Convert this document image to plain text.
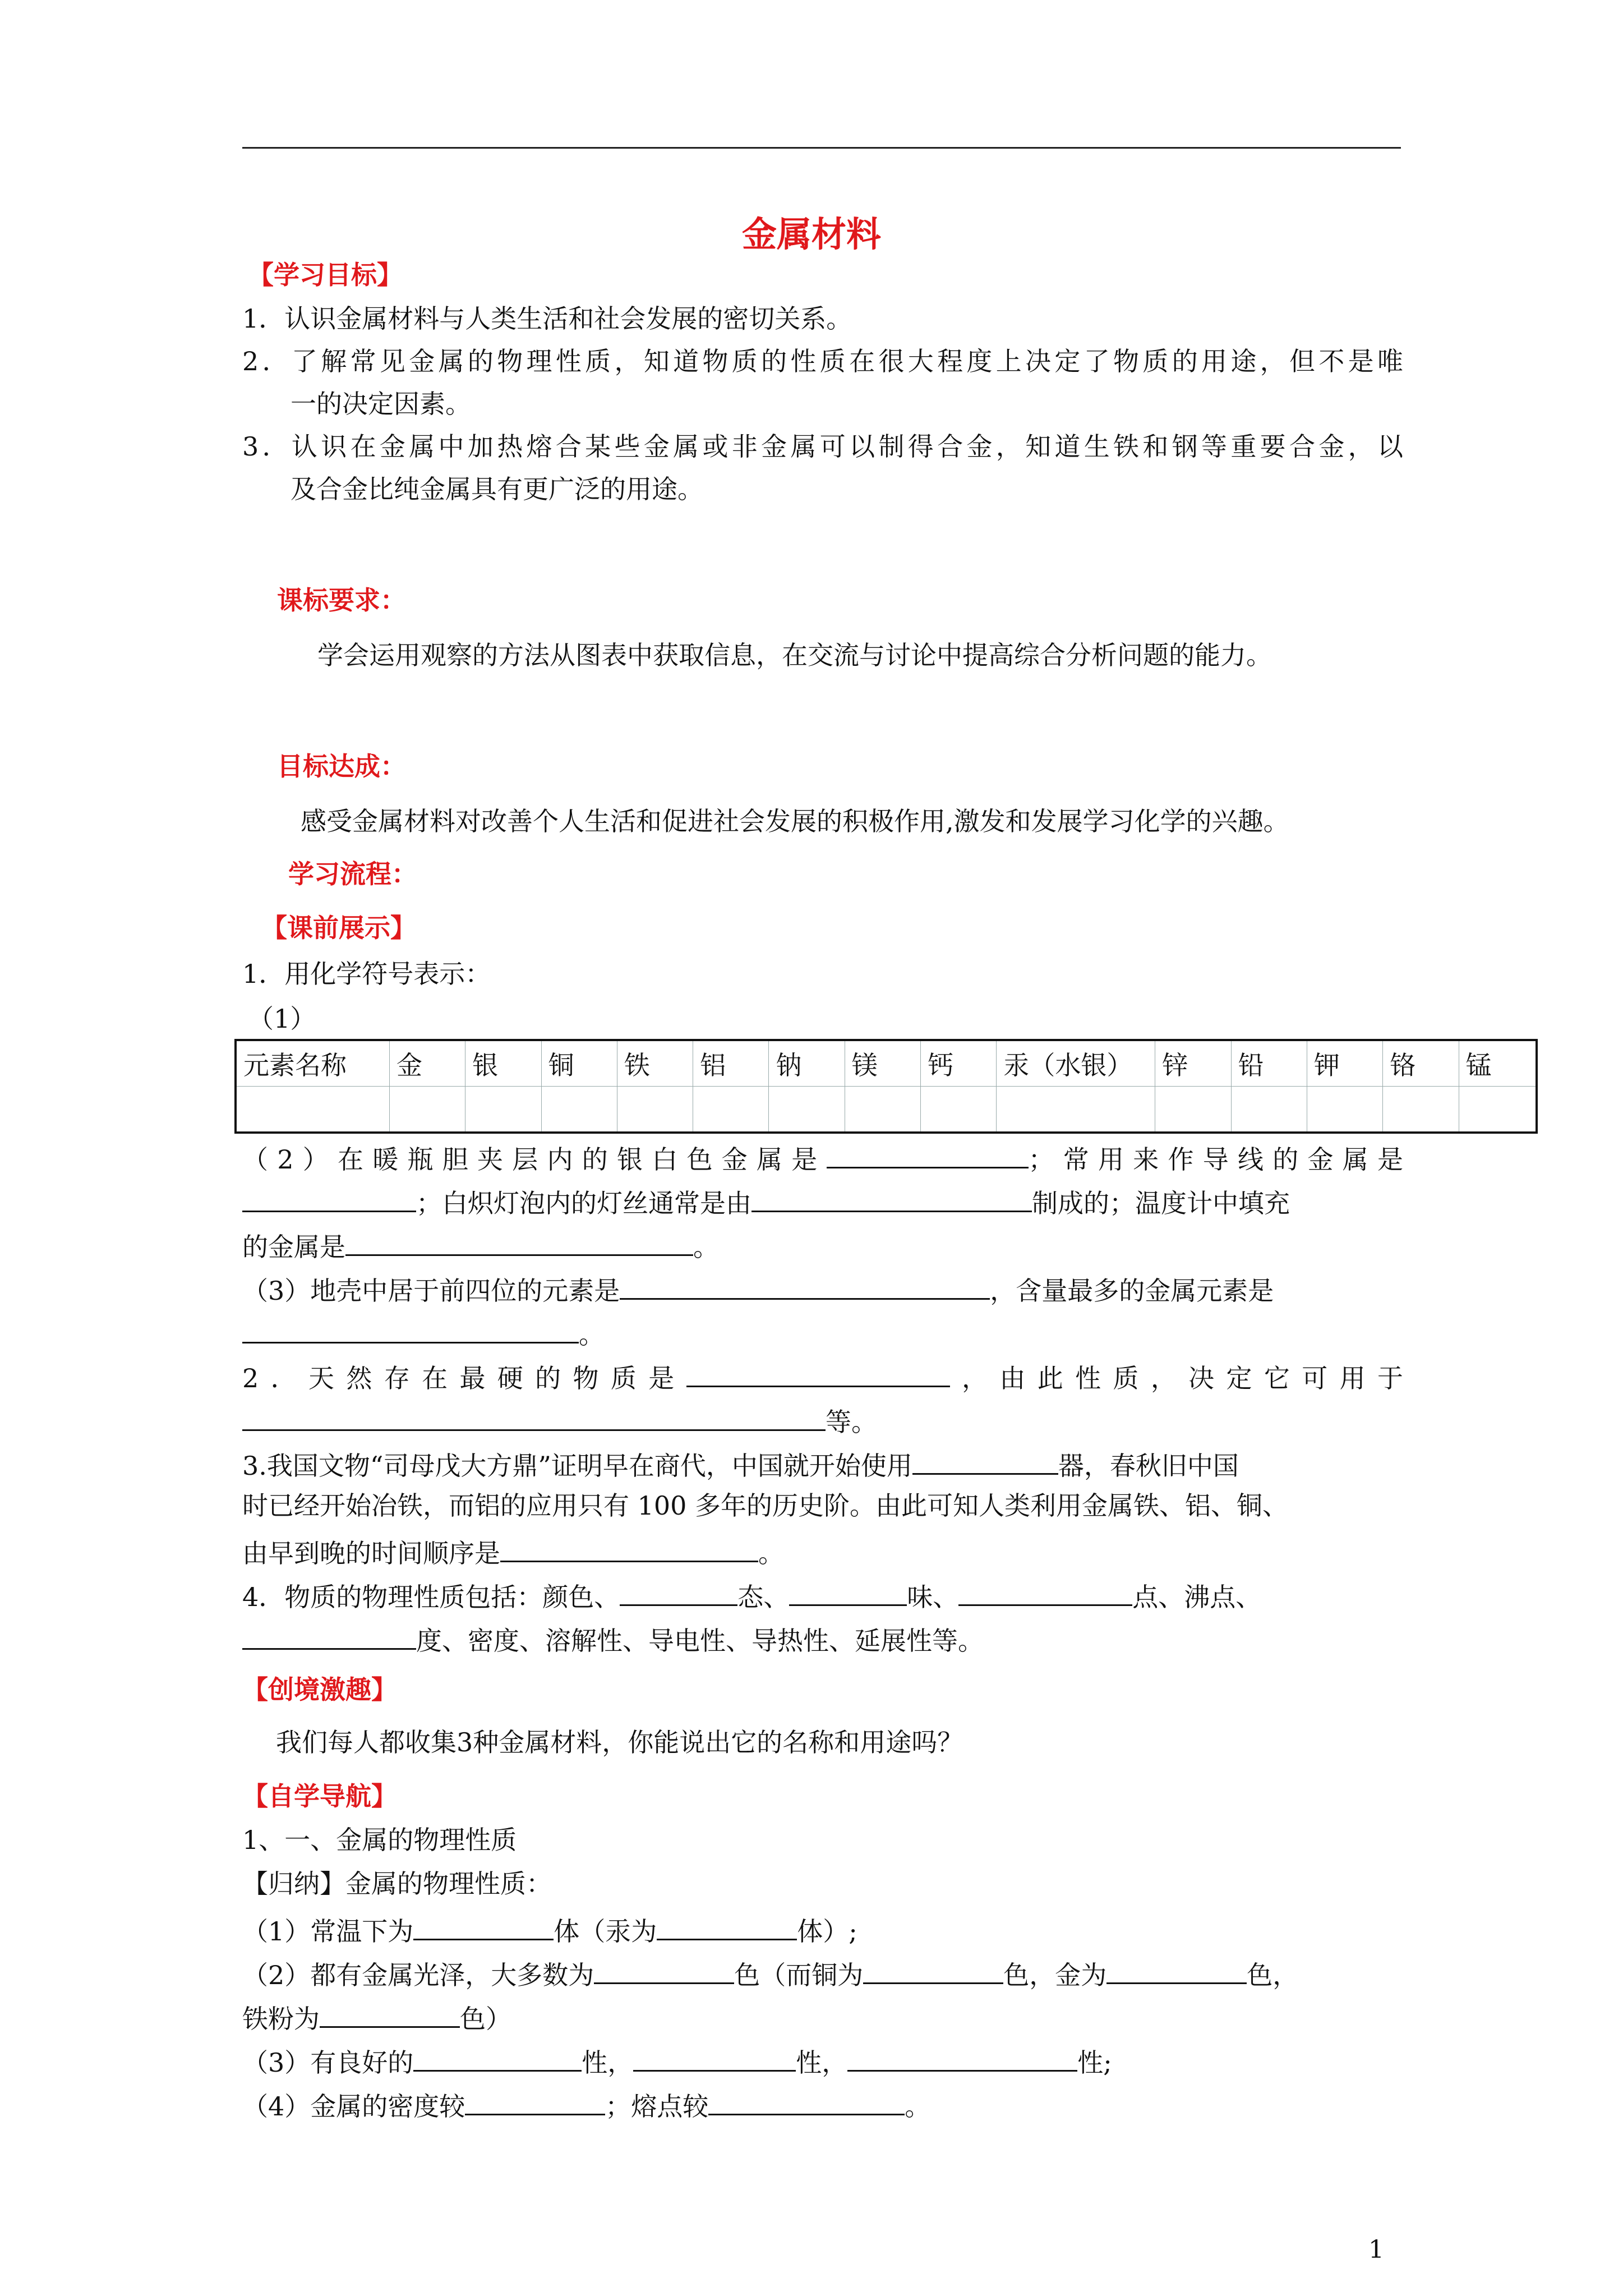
金属材料
【学习目标】
1．认识金属材料与人类生活和社会发展的密切关系。
2．了解常见金属的物理性质，知道物质的性质在很大程度上决定了物质的用途，但不是唯
一的决定因素。
3．认识在金属中加热熔合某些金属或非金属可以制得合金，知道生铁和钢等重要合金，以
及合金比纯金属具有更广泛的用途。
课标要求：
学会运用观察的方法从图表中获取信息，在交流与讨论中提高综合分析问题的能力。
目标达成：
感受金属材料对改善个人生活和促进社会发展的积极作用,激发和发展学习化学的兴趣。
学习流程：
【课前展示】
1．用化学符号表示：
（1）
元素名称	金	银	铜	铁	铝	钠	镁	钙	汞（水银）	锌	铅	钾	铬	锰

（2）在暖瓶胆夹层内的银白色金属是	；常用来作导线的金属是
；白炽灯泡内的灯丝通常是由	制成的；温度计中填充
的金属是	。
（3）地壳中居于前四位的元素是	，含量最多的金属元素是
。
2．天然存在最硬的物质是	，由此性质，决定它可用于
等。
3.我国文物“司母戊大方鼎”证明早在商代，中国就开始使用	器，春秋旧中国
时已经开始冶铁，而铝的应用只有 100 多年的历史阶。由此可知人类利用金属铁、铝、铜、
由早到晚的时间顺序是	。
4．物质的物理性质包括：颜色、	态、	味、	点、沸点、
度、密度、溶解性、导电性、导热性、延展性等。
【创境激趣】
我们每人都收集3种金属材料，你能说出它的名称和用途吗？
【自学导航】
1、一、金属的物理性质
【归纳】金属的物理性质：
（1）常温下为	体（汞为	体）;
（2）都有金属光泽，大多数为	色（而铜为	色，金为	色，
铁粉为	色）
（3）有良好的	性，	性，	性;
（4）金属的密度较	；熔点较	。
1
